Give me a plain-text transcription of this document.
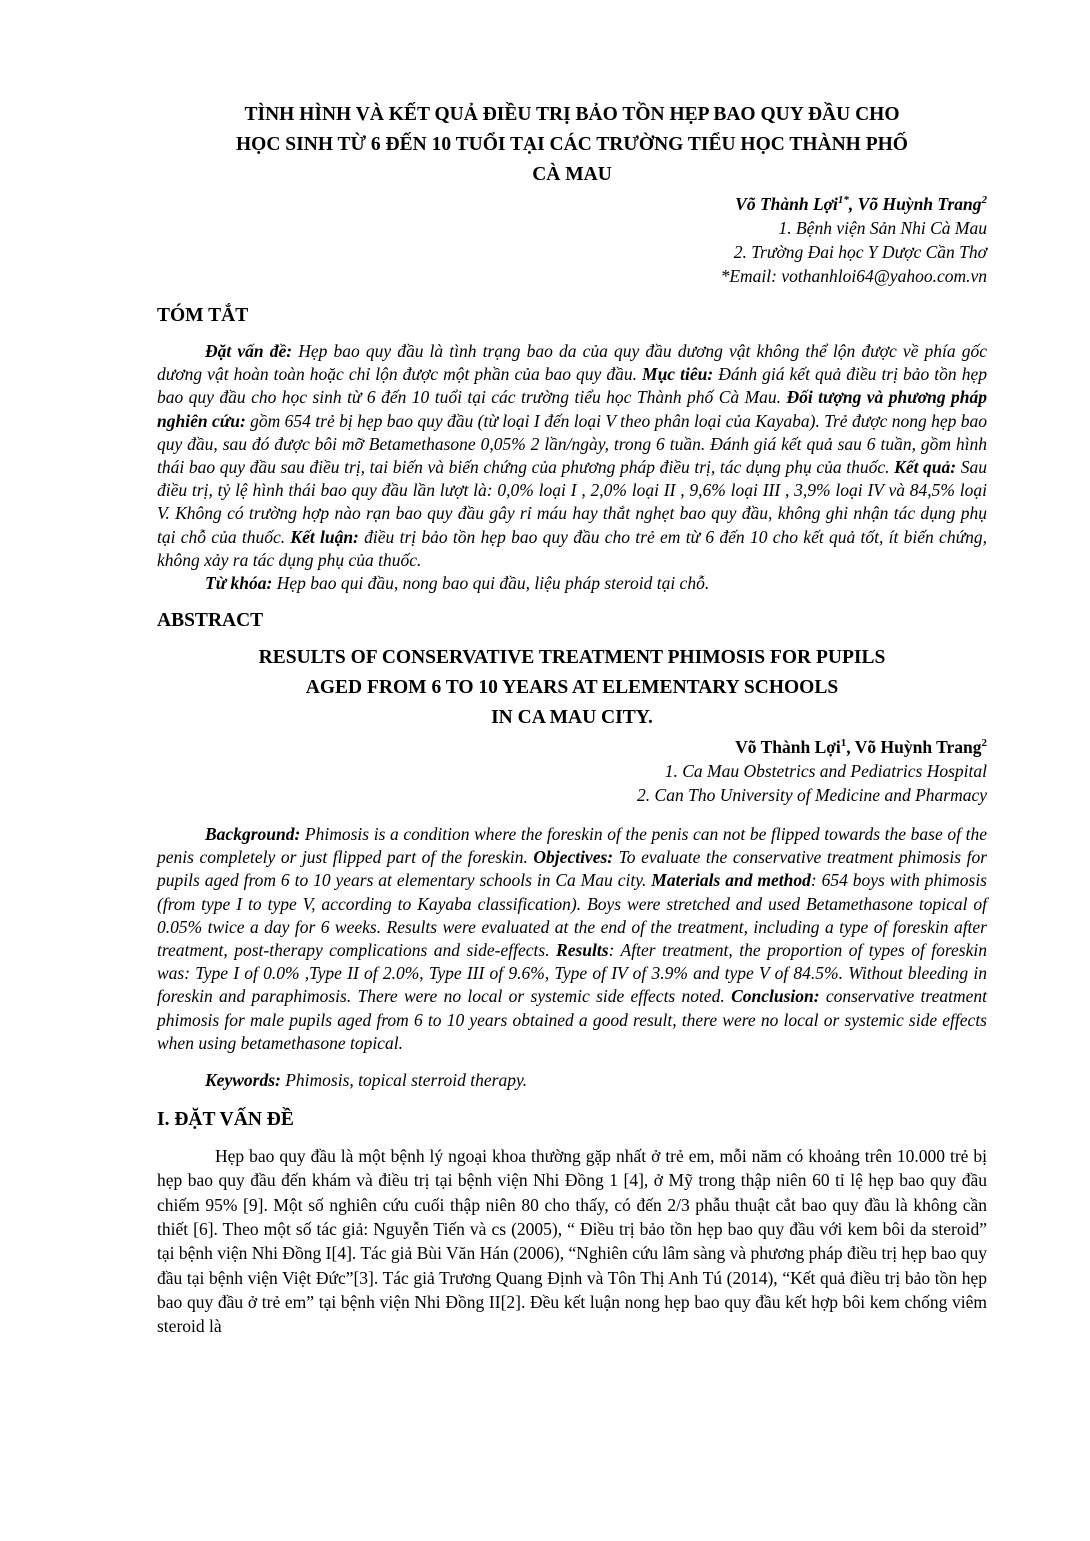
TÌNH HÌNH VÀ KẾT QUẢ ĐIỀU TRỊ BẢO TỒN HẸP BAO QUY ĐẦU CHO

HỌC SINH TỪ 6 ĐẾN 10 TUỔI TẠI CÁC TRƯỜNG TIỂU HỌC THÀNH PHỐ

CÀ MAU

Võ Thành Lợi$^{1*}$, Võ Huỳnh Trang$^2$
1. Bệnh viện Sản Nhi Cà Mau
2. Trường Đai học Y Dược Cần Thơ
*Email: vothanhloi64@yahoo.com.vn
TÓM TẮT

Đặt vấn đề: Hẹp bao quy đầu là tình trạng bao da của quy đầu dương vật không thể lộn được về phía gốc dương vật hoàn toàn hoặc chỉ lộn được một phần của bao quy đầu. Mục tiêu: Đánh giá kết quả điều trị bảo tồn hẹp bao quy đầu cho học sinh từ 6 đến 10 tuổi tại các trường tiểu học Thành phố Cà Mau. Đối tượng và phương pháp nghiên cứu: gồm 654 trẻ bị hẹp bao quy đầu (từ loại I đến loại V theo phân loại của Kayaba). Trẻ được nong hẹp bao quy đầu, sau đó được bôi mỡ Betamethasone 0,05% 2 lần/ngày, trong 6 tuần. Đánh giá kết quả sau 6 tuần, gồm hình thái bao quy đầu sau điều trị, tai biến và biến chứng của phương pháp điều trị, tác dụng phụ của thuốc. Kết quả: Sau điều trị, tỷ lệ hình thái bao quy đầu lần lượt là: 0,0% loại I , 2,0% loại II , 9,6% loại III , 3,9% loại IV và 84,5% loại V. Không có trường hợp nào rạn bao quy đầu gây rỉ máu hay thắt nghẹt bao quy đầu, không ghi nhận tác dụng phụ tại chỗ của thuốc. Kết luận: điều trị bảo tồn hẹp bao quy đầu cho trẻ em từ 6 đến 10 cho kết quả tốt, ít biến chứng, không xảy ra tác dụng phụ của thuốc.

Từ khóa: Hẹp bao qui đầu, nong bao qui đầu, liệu pháp steroid tại chỗ.

ABSTRACT

RESULTS OF CONSERVATIVE TREATMENT PHIMOSIS FOR PUPILS

AGED FROM 6 TO 10 YEARS AT ELEMENTARY SCHOOLS

IN CA MAU CITY.

Võ Thành Lợi$^1$, Võ Huỳnh Trang$^2$
1. Ca Mau Obstetrics and Pediatrics Hospital
2. Can Tho University of Medicine and Pharmacy

Background: Phimosis is a condition where the foreskin of the penis can not be flipped towards the base of the penis completely or just flipped part of the foreskin. Objectives: To evaluate the conservative treatment phimosis for pupils aged from 6 to 10 years at elementary schools in Ca Mau city. Materials and method: 654 boys with phimosis (from type I to type V, according to Kayaba classification). Boys were stretched and used Betamethasone topical of 0.05% twice a day for 6 weeks. Results were evaluated at the end of the treatment, including a type of foreskin after treatment, post-therapy complications and side-effects. Results: After treatment, the proportion of types of foreskin was: Type I of 0.0% ,Type II of 2.0%, Type III of 9.6%, Type of IV of 3.9% and type V of 84.5%. Without bleeding in foreskin and paraphimosis. There were no local or systemic side effects noted. Conclusion: conservative treatment phimosis for male pupils aged from 6 to 10 years obtained a good result, there were no local or systemic side effects when using betamethasone topical.

Keywords: Phimosis, topical sterroid therapy.

I. ĐẶT VẤN ĐỀ

Hẹp bao quy đầu là một bệnh lý ngoại khoa thường gặp nhất ở trẻ em, mỗi năm có khoảng trên 10.000 trẻ bị hẹp bao quy đầu đến khám và điều trị tại bệnh viện Nhi Đồng 1 [4], ở Mỹ trong thập niên 60 tỉ lệ hẹp bao quy đầu chiếm 95% [9]. Một số nghiên cứu cuối thập niên 80 cho thấy, có đến 2/3 phẫu thuật cắt bao quy đầu là không cần thiết [6]. Theo một số tác giả: Nguyễn Tiến và cs (2005), “ Điều trị bảo tồn hẹp bao quy đầu với kem bôi da steroid” tại bệnh viện Nhi Đồng I[4]. Tác giả Bùi Văn Hán (2006), “Nghiên cứu lâm sàng và phương pháp điều trị hẹp bao quy đầu tại bệnh viện Việt Đức”[3]. Tác giả Trương Quang Định và Tôn Thị Anh Tú (2014), “Kết quả điều trị bảo tồn hẹp bao quy đầu ở trẻ em” tại bệnh viện Nhi Đồng II[2]. Đều kết luận nong hẹp bao quy đầu kết hợp bôi kem chống viêm steroid là
